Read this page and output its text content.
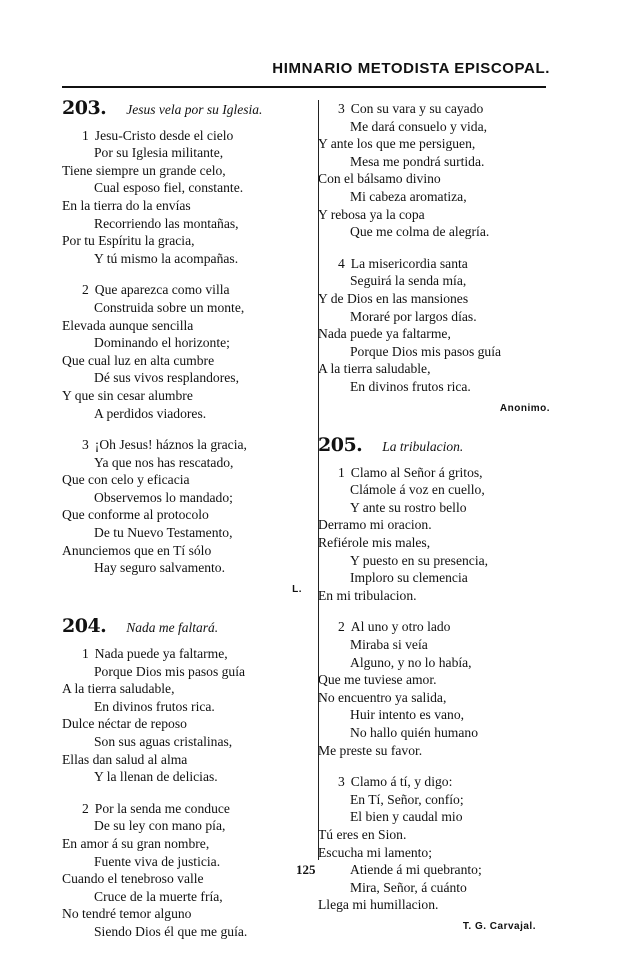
HIMNARIO METODISTA EPISCOPAL.
203. Jesus vela por su Iglesia.
1 Jesu-Cristo desde el cielo
Por su Iglesia militante,
Tiene siempre un grande celo,
Cual esposo fiel, constante.
En la tierra do la envías
Recorriendo las montañas,
Por tu Espíritu la gracia,
Y tú mismo la acompañas.
2 Que aparezca como villa
Construida sobre un monte,
Elevada aunque sencilla
Dominando el horizonte;
Que cual luz en alta cumbre
Dé sus vivos resplandores,
Y que sin cesar alumbre
A perdidos viadores.
3 ¡Oh Jesus! háznos la gracia,
Ya que nos has rescatado,
Que con celo y eficacia
Observemos lo mandado;
Que conforme al protocolo
De tu Nuevo Testamento,
Anunciemos que en Tí sólo
Hay seguro salvamento.
L.
204. Nada me faltará.
1 Nada puede ya faltarme,
Porque Dios mis pasos guía
A la tierra saludable,
En divinos frutos rica.
Dulce néctar de reposo
Son sus aguas cristalinas,
Ellas dan salud al alma
Y la llenan de delicias.
2 Por la senda me conduce
De su ley con mano pía,
En amor á su gran nombre,
Fuente viva de justicia.
Cuando el tenebroso valle
Cruce de la muerte fría,
No tendré temor alguno
Siendo Dios él que me guía.
3 Con su vara y su cayado
Me dará consuelo y vida,
Y ante los que me persiguen,
Mesa me pondrá surtida.
Con el bálsamo divino
Mi cabeza aromatiza,
Y rebosa ya la copa
Que me colma de alegría.
4 La misericordia santa
Seguirá la senda mía,
Y de Dios en las mansiones
Moraré por largos días.
Nada puede ya faltarme,
Porque Dios mis pasos guía
A la tierra saludable,
En divinos frutos rica.
Anonimo.
205. La tribulacion.
1 Clamo al Señor á gritos,
Clámole á voz en cuello,
Y ante su rostro bello
Derramo mi oracion.
Refiérole mis males,
Y puesto en su presencia,
Imploro su clemencia
En mi tribulacion.
2 Al uno y otro lado
Miraba si veía
Alguno, y no lo había,
Que me tuviese amor.
No encuentro ya salida,
Huir intento es vano,
No hallo quién humano
Me preste su favor.
3 Clamo á tí, y digo:
En Tí, Señor, confío;
El bien y caudal mio
Tú eres en Sion.
Escucha mi lamento;
Atiende á mi quebranto;
Mira, Señor, á cuánto
Llega mi humillacion.
T. G. Carvajal.
125
